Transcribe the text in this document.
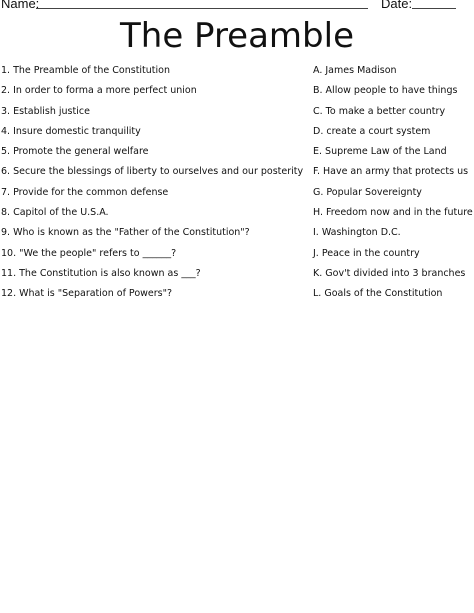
Name:	Date:
The Preamble
1. The Preamble of the Constitution
2. In order to forma a more perfect union
3. Establish justice
4. Insure domestic tranquility
5. Promote the general welfare
6. Secure the blessings of liberty to ourselves and our posterity
7. Provide for the common defense
8. Capitol of the U.S.A.
9. Who is known as the "Father of the Constitution"?
10. "We the people" refers to ______?
11. The Constitution is also known as ___?
12. What is "Separation of Powers"?
A. James Madison
B. Allow people to have things
C. To make a better country
D. create a court system
E. Supreme Law of the Land
F. Have an army that protects us
G. Popular Sovereignty
H. Freedom now and in the future
I. Washington D.C.
J. Peace in the country
K. Gov't divided into 3 branches
L. Goals of the Constitution
